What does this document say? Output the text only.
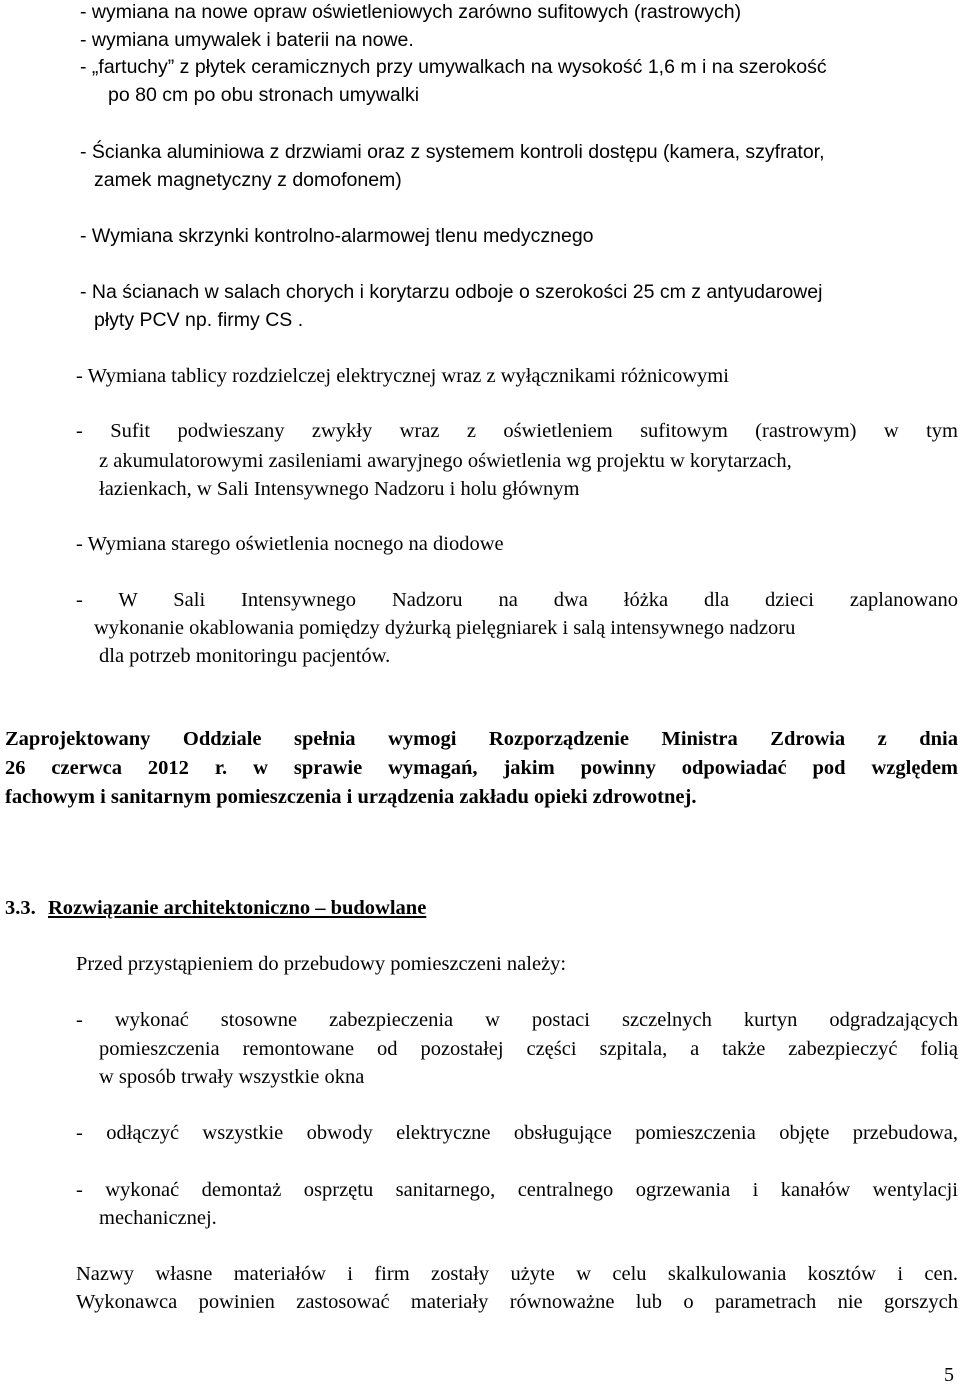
- wymiana na nowe opraw oświetleniowych zarówno sufitowych (rastrowych)

- wymiana umywalek i baterii na nowe.

- „fartuchy” z płytek ceramicznych przy umywalkach na wysokość 1,6 m i na szerokość

po 80 cm po obu stronach umywalki

- Ścianka aluminiowa z drzwiami oraz z systemem kontroli dostępu (kamera, szyfrator,

zamek magnetyczny z domofonem)

- Wymiana skrzynki kontrolno-alarmowej tlenu medycznego

- Na ścianach w salach chorych i korytarzu odboje o szerokości 25 cm z antyudarowej

płyty PCV np. firmy CS .

- Wymiana tablicy rozdzielczej elektrycznej wraz z wyłącznikami różnicowymi

- Sufit podwieszany zwykły wraz z oświetleniem sufitowym (rastrowym) w tym

z akumulatorowymi zasileniami awaryjnego oświetlenia wg projektu w korytarzach,

łazienkach, w Sali Intensywnego Nadzoru i holu głównym

- Wymiana starego oświetlenia nocnego na diodowe

- W Sali Intensywnego Nadzoru na dwa łóżka dla dzieci zaplanowano

wykonanie okablowania pomiędzy dyżurką pielęgniarek i salą intensywnego nadzoru

dla potrzeb monitoringu pacjentów.

Zaprojektowany Oddziale spełnia wymogi Rozporządzenie Ministra Zdrowia z dnia

26 czerwca 2012 r. w sprawie wymagań, jakim powinny odpowiadać pod względem

fachowym i sanitarnym pomieszczenia i urządzenia zakładu opieki zdrowotnej.

3.3. Rozwiązanie architektoniczno – budowlane

Przed przystąpieniem do przebudowy pomieszczeni należy:

- wykonać stosowne zabezpieczenia w postaci szczelnych kurtyn odgradzających

pomieszczenia remontowane od pozostałej części szpitala, a także zabezpieczyć folią

w sposób trwały wszystkie okna

- odłączyć wszystkie obwody elektryczne obsługujące pomieszczenia objęte przebudowa,

- wykonać demontaż osprzętu sanitarnego, centralnego ogrzewania i kanałów wentylacji

mechanicznej.

Nazwy własne materiałów i firm zostały użyte w celu skalkulowania kosztów i cen.

Wykonawca powinien zastosować materiały równoważne lub o parametrach nie gorszych

5
